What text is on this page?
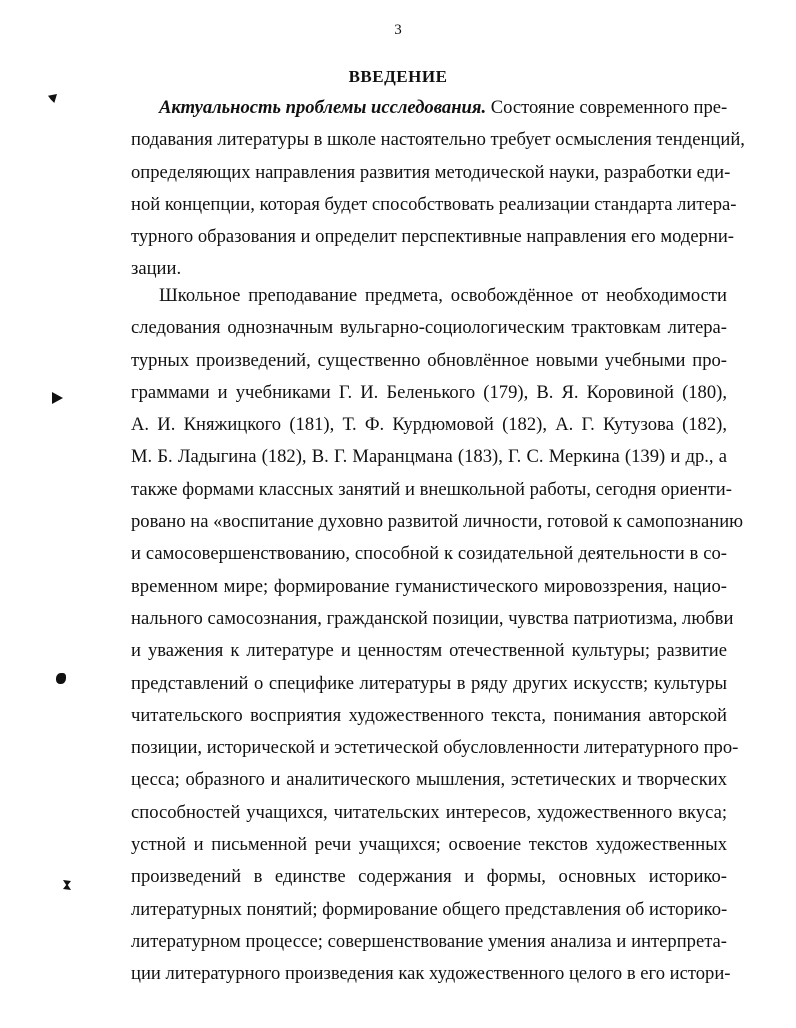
3
ВВЕДЕНИЕ
Актуальность проблемы исследования. Состояние современного пре-
подавания литературы в школе настоятельно требует осмысления тенденций,
определяющих направления развития методической науки, разработки еди-
ной концепции, которая будет способствовать реализации стандарта литера-
турного образования и определит перспективные направления его модерни-
зации.
Школьное преподавание предмета, освобождённое от необходимости
следования однозначным вульгарно-социологическим трактовкам литера-
турных произведений, существенно обновлённое новыми учебными про-
граммами и учебниками Г. И. Беленького (179), В. Я. Коровиной (180),
А. И. Княжицкого (181), Т. Ф. Курдюмовой (182), А. Г. Кутузова (182),
М. Б. Ладыгина (182), В. Г. Маранцмана (183), Г. С. Меркина (139) и др., а
также формами классных занятий и внешкольной работы, сегодня ориенти-
ровано на «воспитание духовно развитой личности, готовой к самопознанию
и самосовершенствованию, способной к созидательной деятельности в со-
временном мире; формирование гуманистического мировоззрения, нацио-
нального самосознания, гражданской позиции, чувства патриотизма, любви
и уважения к литературе и ценностям отечественной культуры; развитие
представлений о специфике литературы в ряду других искусств; культуры
читательского восприятия художественного текста, понимания авторской
позиции, исторической и эстетической обусловленности литературного про-
цесса; образного и аналитического мышления, эстетических и творческих
способностей учащихся, читательских интересов, художественного вкуса;
устной и письменной речи учащихся; освоение текстов художественных
произведений в единстве содержания и формы, основных историко-
литературных понятий; формирование общего представления об историко-
литературном процессе; совершенствование умения анализа и интерпрета-
ции литературного произведения как художественного целого в его истори-
